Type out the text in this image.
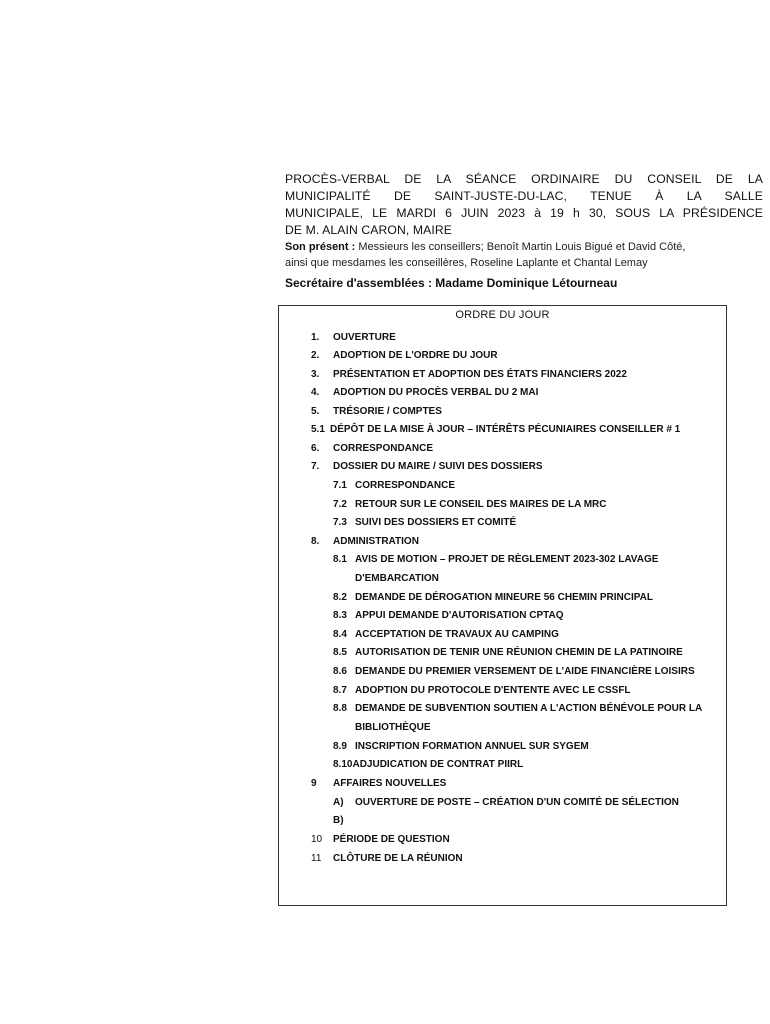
PROCÈS-VERBAL DE LA SÉANCE ORDINAIRE DU CONSEIL DE LA
MUNICIPALITÉ DE SAINT-JUSTE-DU-LAC, TENUE À LA SALLE
MUNICIPALE, LE MARDI 6 JUIN 2023 à 19 h 30, SOUS LA PRÉSIDENCE
DE M. ALAIN CARON, MAIRE
Son présent : Messieurs les conseillers; Benoît Martin Louis Bigué et David Côté,
ainsi que mesdames les conseillères, Roseline Laplante et Chantal Lemay
Secrétaire d'assemblées : Madame Dominique Létourneau
ORDRE DU JOUR
1. OUVERTURE
2. ADOPTION DE L'ORDRE DU JOUR
3. PRÉSENTATION ET ADOPTION DES ÉTATS FINANCIERS 2022
4. ADOPTION DU PROCÈS VERBAL DU 2 MAI
5. TRÉSORIE / COMPTES
5.1 DÉPÔT DE LA MISE À JOUR – INTÉRÊTS PÉCUNIAIRES CONSEILLER # 1
6. CORRESPONDANCE
7. DOSSIER DU MAIRE / SUIVI DES DOSSIERS
7.1 CORRESPONDANCE
7.2 RETOUR SUR LE CONSEIL DES MAIRES DE LA MRC
7.3 SUIVI DES DOSSIERS ET COMITÉ
8. ADMINISTRATION
8.1 AVIS DE MOTION – PROJET DE RÈGLEMENT 2023-302 LAVAGE
D'EMBARCATION
8.2 DEMANDE DE DÉROGATION MINEURE 56 CHEMIN PRINCIPAL
8.3 APPUI DEMANDE D'AUTORISATION CPTAQ
8.4 ACCEPTATION DE TRAVAUX AU CAMPING
8.5 AUTORISATION DE TENIR UNE RÉUNION CHEMIN DE LA PATINOIRE
8.6 DEMANDE DU PREMIER VERSEMENT DE L'AIDE FINANCIÈRE LOISIRS
8.7 ADOPTION DU PROTOCOLE D'ENTENTE AVEC LE CSSFL
8.8 DEMANDE DE SUBVENTION SOUTIEN A L'ACTION BÉNÉVOLE POUR LA
BIBLIOTHÈQUE
8.9 INSCRIPTION FORMATION ANNUEL SUR SYGEM
8.10ADJUDICATION DE CONTRAT PIIRL
9 AFFAIRES NOUVELLES
A) OUVERTURE DE POSTE – CRÉATION D'UN COMITÉ DE SÉLECTION
B)
10 PÉRIODE DE QUESTION
11 CLÔTURE DE LA RÉUNION
